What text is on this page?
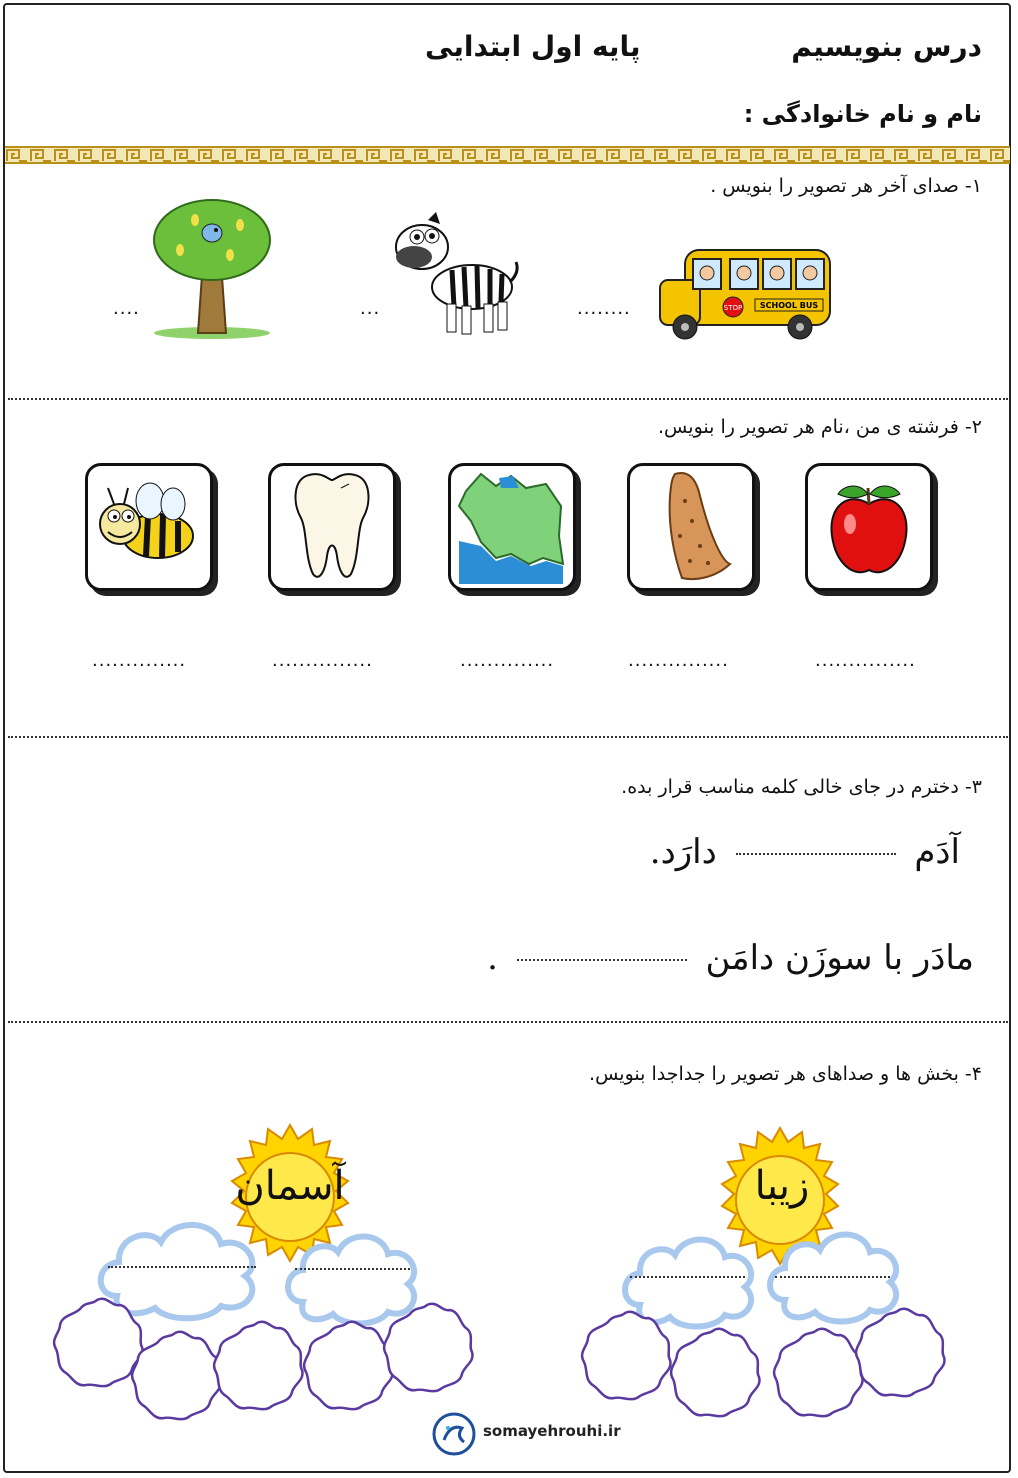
درس بنویسیم
پایه اول ابتدایی
نام و نام خانوادگی :
۱- صدای آخر هر تصویر را بنویس .
SCHOOL BUS
STOP
........
...
....
۲- فرشته ی من ،نام هر تصویر را بنویس.
...............
...............
..............
...............
..............
۳- دخترم در جای خالی کلمه مناسب قرار بده.
آدَم  دارَد.
مادَر با سوزَن دامَن  .
۴- بخش ها و صداهای هر تصویر را جداجدا بنویس.
زیبا
آسمان
somayehrouhi.ir
